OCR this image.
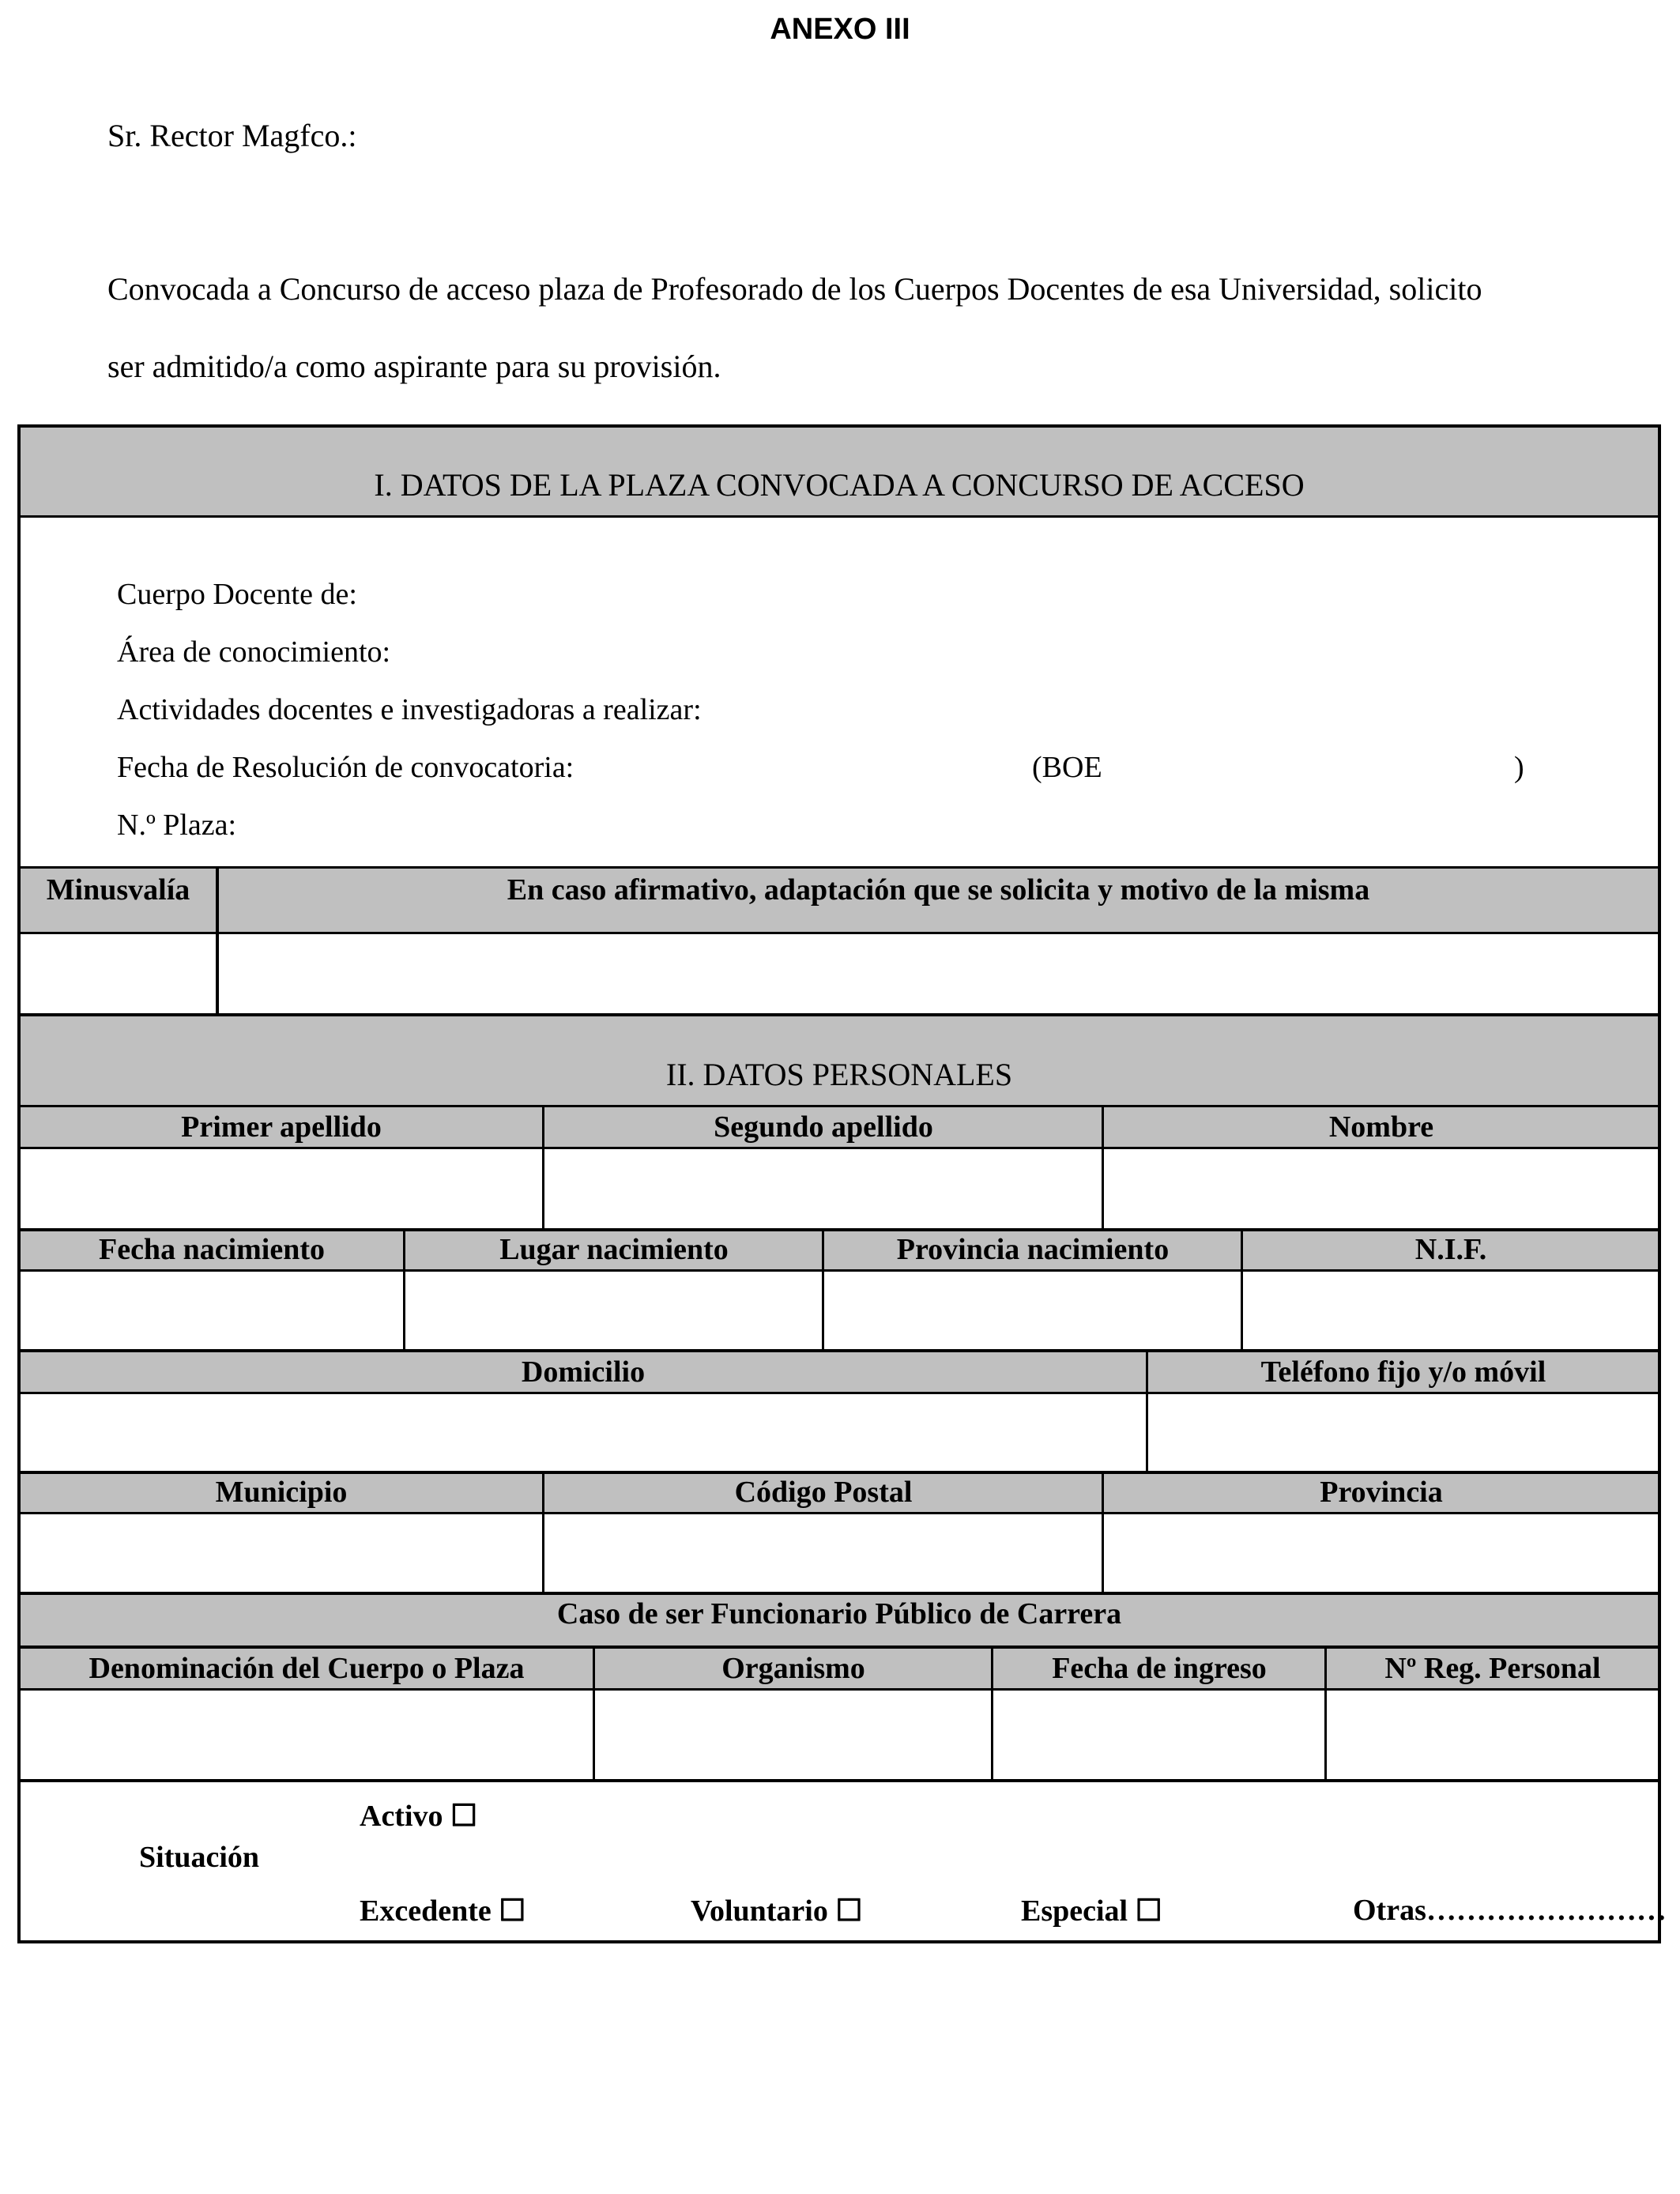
ANEXO III
Sr. Rector Magfco.:
Convocada a Concurso de acceso plaza de Profesorado de los Cuerpos Docentes de esa Universidad, solicito
ser admitido/a como aspirante para su provisión.
I. DATOS DE LA PLAZA CONVOCADA A CONCURSO DE ACCESO
Cuerpo Docente de:
Área de conocimiento:
Actividades docentes e investigadoras a realizar:
Fecha de Resolución de convocatoria:	(BOE	)
N.º Plaza:
Minusvalía	En caso afirmativo, adaptación que se solicita y motivo de la misma
II. DATOS PERSONALES
Primer apellido	Segundo apellido	Nombre
Fecha nacimiento	Lugar nacimiento	Provincia nacimiento	N.I.F.
Domicilio	Teléfono fijo y/o móvil
Municipio	Código Postal	Provincia
Caso de ser Funcionario Público de Carrera
Denominación del Cuerpo o Plaza	Organismo	Fecha de ingreso	Nº Reg. Personal
Situación
Activo ☐
Excedente ☐	Voluntario ☐	Especial ☐	Otras……………………
